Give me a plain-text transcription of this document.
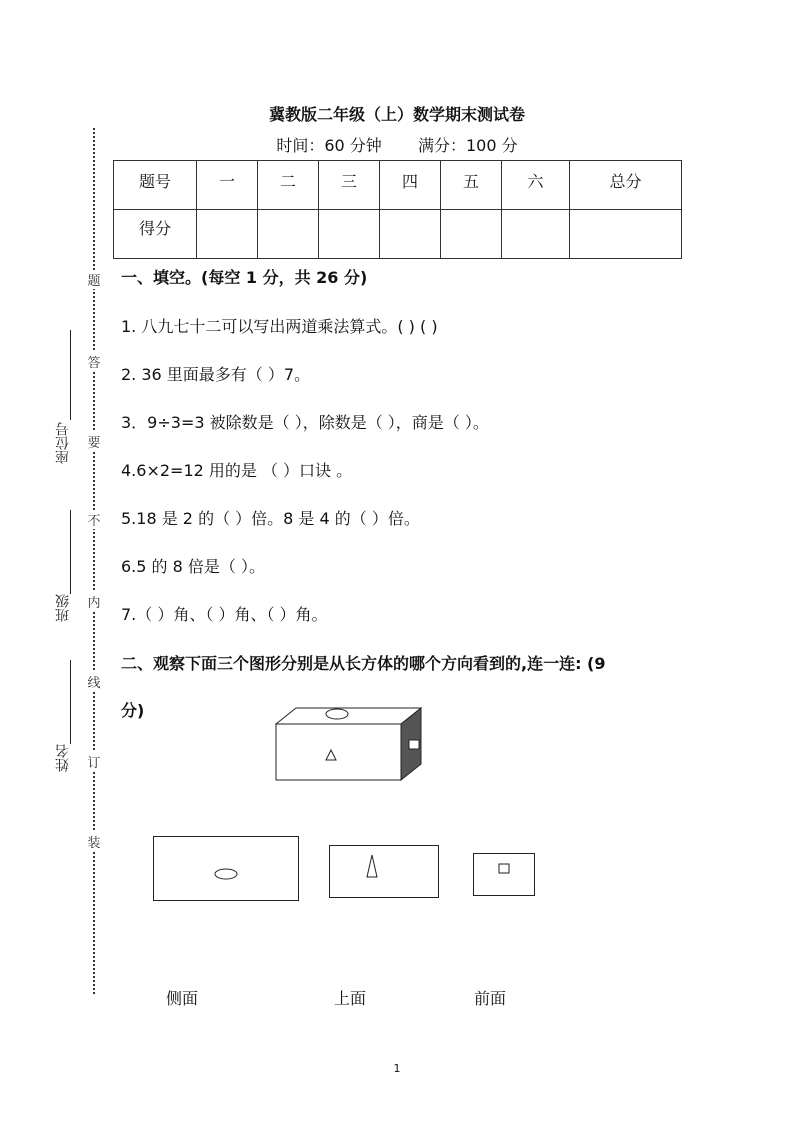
冀教版二年级（上）数学期末测试卷
时间：60 分钟 满分：100 分
题号	一	二	三	四	五	六	总分
得分							
题
答
要
不
内
线
订
装
座位号
班级
姓名
一、填空。(每空 1 分，共 26 分)
1. 八九七十二可以写出两道乘法算式。( ) ( )
2. 36 里面最多有（ ）7。
3．9÷3=3 被除数是（ ），除数是（ ），商是（ ）。
4.6×2=12 用的是 （ ）口诀 。
5.18 是 2 的（ ）倍。8 是 4 的（ ）倍。
6.5 的 8 倍是（ ）。
7.（ ）角、（ ）角、（ ）角。
二、观察下面三个图形分别是从长方体的哪个方向看到的,连一连: (9
分)
侧面	上面	前面
1
